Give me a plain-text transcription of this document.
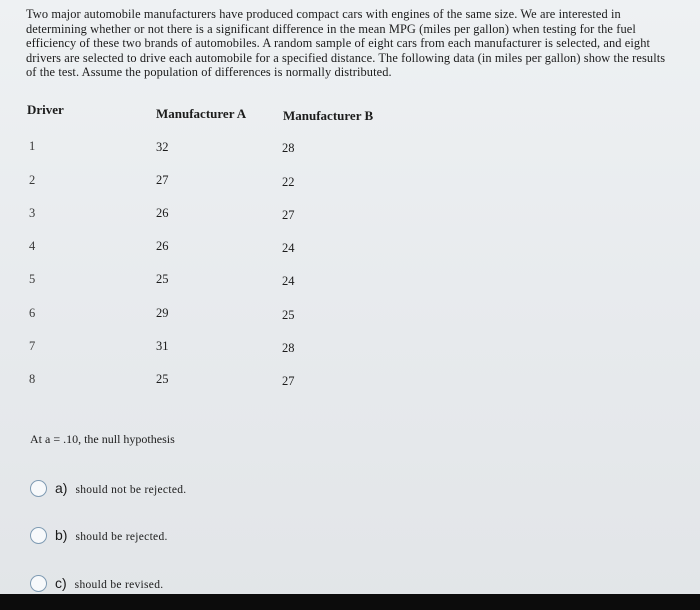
Two major automobile manufacturers have produced compact cars with engines of the same size. We are interested in determining whether or not there is a significant difference in the mean MPG (miles per gallon) when testing for the fuel efficiency of these two brands of automobiles. A random sample of eight cars from each manufacturer is selected, and eight drivers are selected to drive each automobile for a specified distance. The following data (in miles per gallon) show the results of the test. Assume the population of differences is normally distributed.
Driver	Manufacturer A	Manufacturer B
1	32	28
2	27	22
3	26	27
4	26	24
5	25	24
6	29	25
7	31	28
8	25	27
At a = .10, the null hypothesis
a) should not be rejected.
b) should be rejected.
c) should be revised.
